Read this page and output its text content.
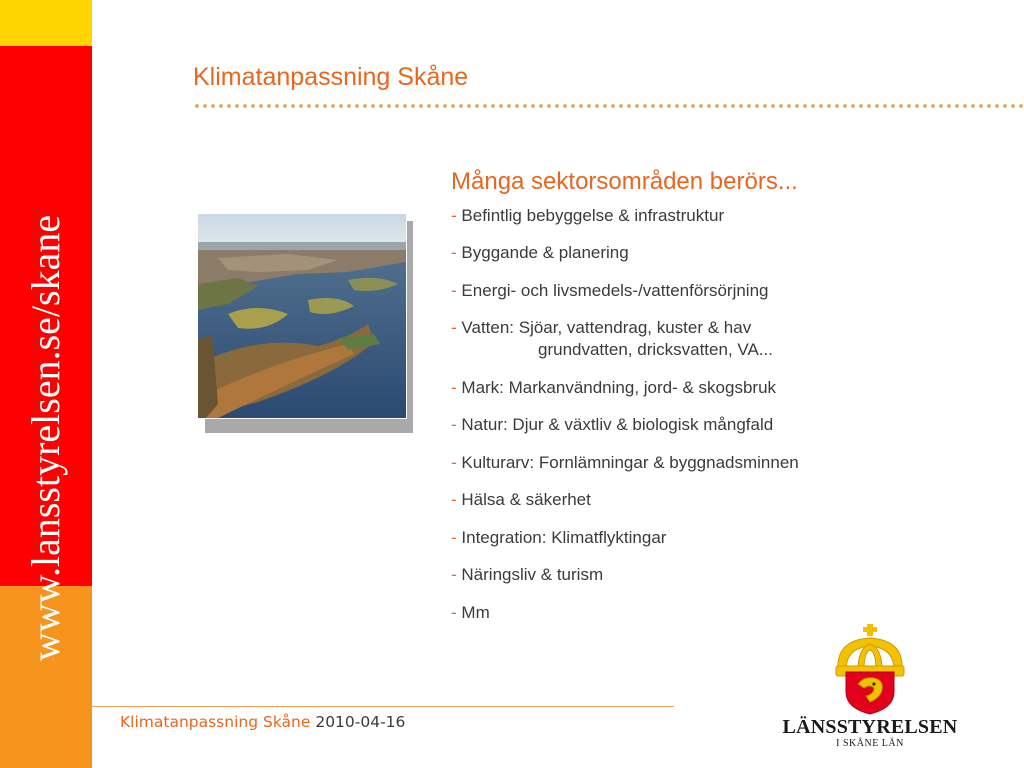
www.lansstyrelsen.se/skane
Klimatanpassning Skåne
Många sektorsområden berörs...
- Befintlig bebyggelse & infrastruktur
- Byggande & planering
- Energi- och livsmedels-/vattenförsörjning
- Vatten: Sjöar, vattendrag, kuster & hav
grundvatten, dricksvatten, VA...
- Mark: Markanvändning, jord- & skogsbruk
- Natur: Djur & växtliv & biologisk mångfald
- Kulturarv: Fornlämningar & byggnadsminnen
- Hälsa & säkerhet
- Integration: Klimatflyktingar
- Näringsliv & turism
- Mm
Klimatanpassning Skåne 2010-04-16	LÄNSSTYRELSEN
I SKÅNE LÄN
